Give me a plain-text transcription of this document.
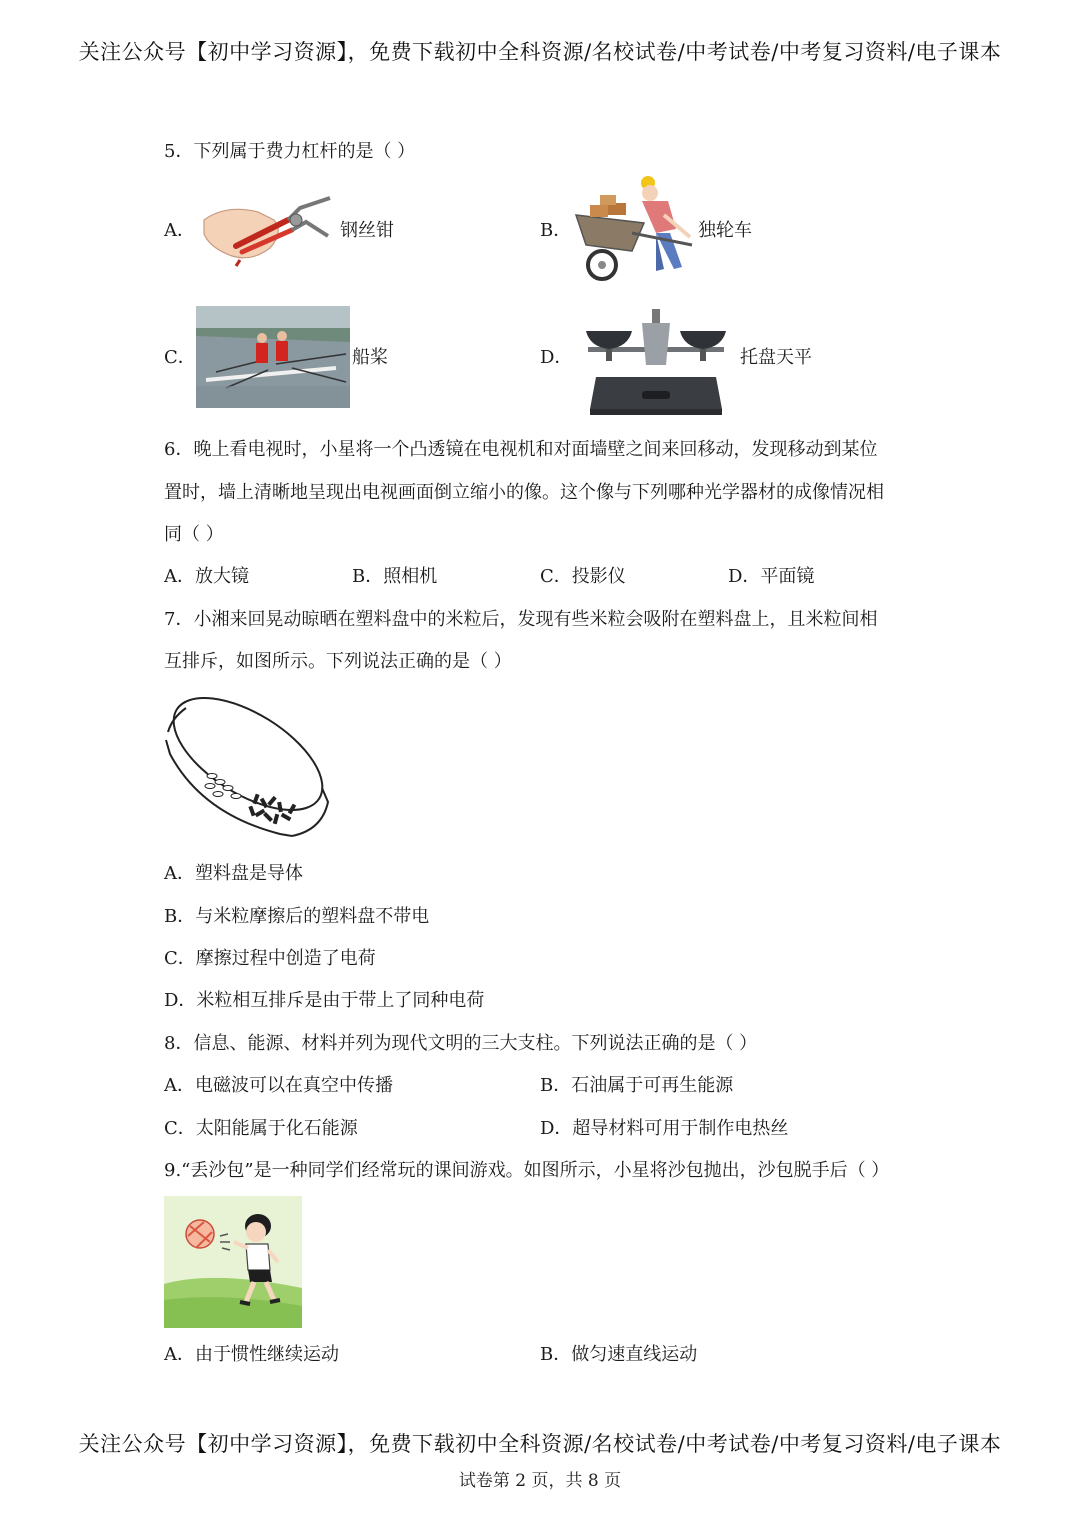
关注公众号【初中学习资源】，免费下载初中全科资源/名校试卷/中考试卷/中考复习资料/电子课本
5．下列属于费力杠杆的是（ ）
A．	钢丝钳	B．	独轮车
C．	船桨	D．	托盘天平
6．晚上看电视时，小星将一个凸透镜在电视机和对面墙壁之间来回移动，发现移动到某位
置时，墙上清晰地呈现出电视画面倒立缩小的像。这个像与下列哪种光学器材的成像情况相
同（ ）
A．放大镜	B．照相机	C．投影仪	D．平面镜
7．小湘来回晃动晾晒在塑料盘中的米粒后，发现有些米粒会吸附在塑料盘上，且米粒间相
互排斥，如图所示。下列说法正确的是（ ）
A．塑料盘是导体
B．与米粒摩擦后的塑料盘不带电
C．摩擦过程中创造了电荷
D．米粒相互排斥是由于带上了同种电荷
8．信息、能源、材料并列为现代文明的三大支柱。下列说法正确的是（ ）
A．电磁波可以在真空中传播	B．石油属于可再生能源
C．太阳能属于化石能源	D．超导材料可用于制作电热丝
9.“丢沙包”是一种同学们经常玩的课间游戏。如图所示，小星将沙包抛出，沙包脱手后（ ）
A．由于惯性继续运动	B．做匀速直线运动
关注公众号【初中学习资源】，免费下载初中全科资源/名校试卷/中考试卷/中考复习资料/电子课本
试卷第 2 页，共 8 页
